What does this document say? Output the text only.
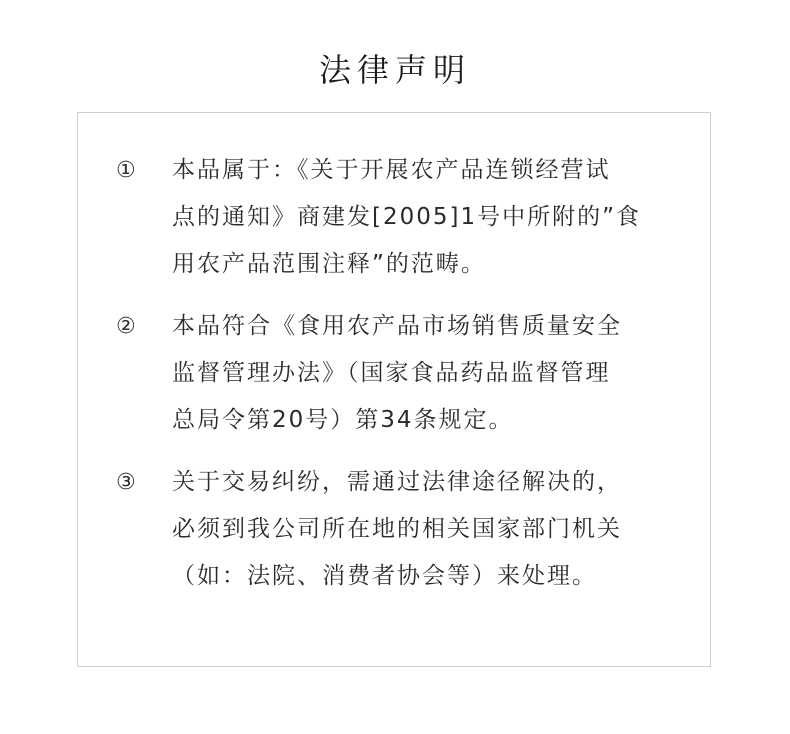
法律声明
①	本品属于：《关于开展农产品连锁经营试
点的通知》商建发[2005]1号中所附的”食
用农产品范围注释”的范畴。
②	本品符合《食用农产品市场销售质量安全
监督管理办法》（国家食品药品监督管理
总局令第20号）第34条规定。
③	关于交易纠纷，需通过法律途径解决的，
必须到我公司所在地的相关国家部门机关
（如：法院、消费者协会等）来处理。
